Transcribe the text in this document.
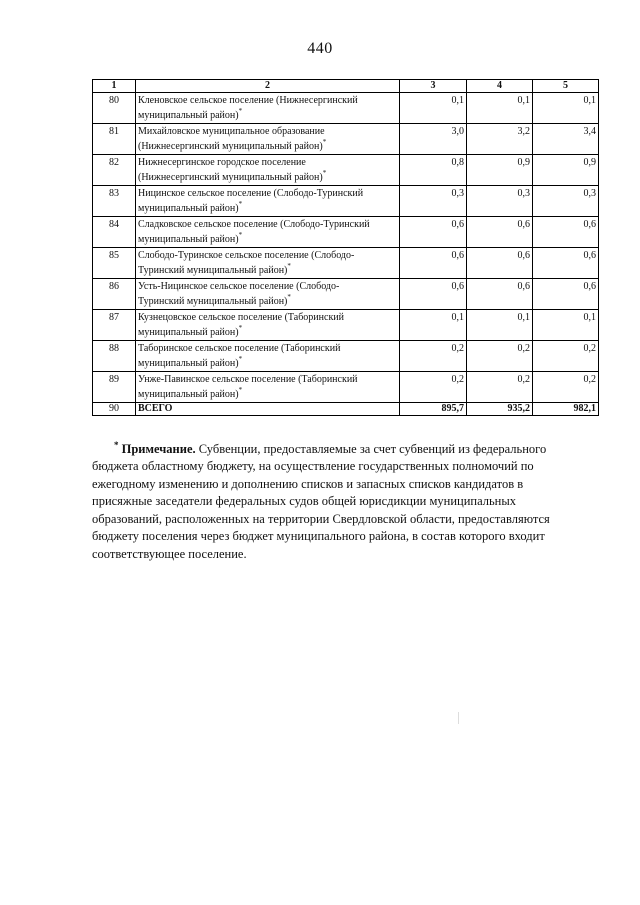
440
1	2	3	4	5
80	Кленовское сельское поселение (Нижнесергинский
муниципальный район)*	0,1	0,1	0,1
81	Михайловское муниципальное образование
(Нижнесергинский муниципальный район)*	3,0	3,2	3,4
82	Нижнесергинское городское поселение
(Нижнесергинский муниципальный район)*	0,8	0,9	0,9
83	Ницинское сельское поселение (Слободо-Туринский
муниципальный район)*	0,3	0,3	0,3
84	Сладковское сельское поселение (Слободо-Туринский
муниципальный район)*	0,6	0,6	0,6
85	Слободо-Туринское сельское поселение (Слободо-
Туринский муниципальный район)*	0,6	0,6	0,6
86	Усть-Ницинское сельское поселение (Слободо-
Туринский муниципальный район)*	0,6	0,6	0,6
87	Кузнецовское сельское поселение (Таборинский
муниципальный район)*	0,1	0,1	0,1
88	Таборинское сельское поселение (Таборинский
муниципальный район)*	0,2	0,2	0,2
89	Унже-Павинское сельское поселение (Таборинский
муниципальный район)*	0,2	0,2	0,2
90	ВСЕГО	895,7	935,2	982,1

* Примечание. Субвенции, предоставляемые за счет субвенций из федерального бюджета областному бюджету, на осуществление государственных полномочий по ежегодному изменению и дополнению списков и запасных списков кандидатов в присяжные заседатели федеральных судов общей юрисдикции муниципальных образований, расположенных на территории Свердловской области, предоставляются бюджету поселения через бюджет муниципального района, в состав которого входит соответствующее поселение.
